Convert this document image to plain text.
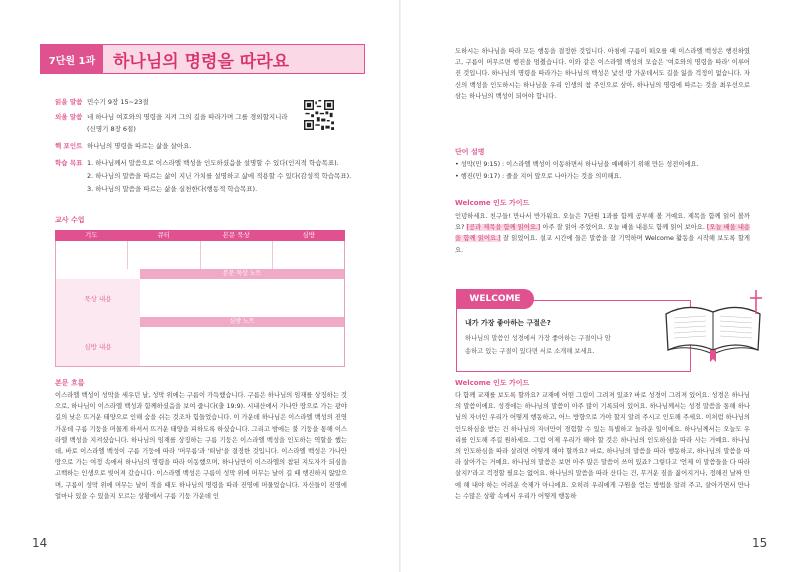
7단원 1과	하나님의 명령을 따라요
읽을 말씀 민수기 9장 15~23절
외울 말씀 네 하나님 여호와의 명령을 지켜 그의 길을 따라가며 그를 경외할지니라
(신명기 8장 6절)
핵 포인트 하나님의 명령을 따르는 삶을 살아요.
학습 목표 1. 하나님께서 말씀으로 이스라엘 백성을 인도하셨음을 설명할 수 있다(인지적 학습목표).
2. 하나님의 말씀을 따르는 삶이 지닌 가치를 설명하고 삶에 적용할 수 있다(감성적 학습목표).
3. 하나님의 말씀을 따르는 삶을 실천한다(행동적 학습목표).
교사 수업
기도	큐티	본문 묵상	심방
본문 묵상 노트
묵상 내용
심방 노트
심방 내용
본문 흐름
이스라엘 백성이 성막을 세우던 날, 성막 위에는 구름이 가득했습니다. 구름은 하나님의 임재를 상징하는 것으로, 하나님이 이스라엘 백성과 함께하셨음을 보여 줍니다(출 19:9). 시내산에서 가나안 땅으로 가는 광야 길의 낮은 뜨거운 태양으로 인해 숨을 쉬는 것조차 힘들었습니다. 이 가운데 하나님은 이스라엘 백성의 진영 가운데 구름 기둥을 머물게 하셔서 뜨거운 태양을 피하도록 하셨습니다. 그리고 밤에는 불 기둥을 통해 이스라엘 백성을 지켜셨습니다. 하나님의 임재를 상징하는 구름 기둥은 이스라엘 백성을 인도하는 역할을 했는데, 바로 이스라엘 백성이 구름 기둥에 따라 '머무름'과 '떠남'을 결정한 것입니다. 이스라엘 백성은 가나안 땅으로 가는 여정 속에서 하나님의 명령을 따라 이동했으며, 하나님만이 이스라엘의 참된 지도자가 되심을 고백하는 인생으로 빚어져 갔습니다. 이스라엘 백성은 구름이 성막 위에 머무는 날이 길 때 행진하지 않았으며, 구름이 성막 위에 머무는 날이 적을 때도 하나님의 명령을 따라 진영에 머물었습니다. 자신들이 진영에 얼마나 있을 수 있을지 모르는 상황에서 구름 기둥 가운데 인
14
도하시는 하나님을 따라 모든 행동을 결정한 것입니다. 아침에 구름이 떠오를 때 이스라엘 백성은 행진하였고, 구름이 머무르면 행진을 멈췄습니다. 이와 같은 이스라엘 백성의 모습은 '여호와의 명령을 따라' 이루어진 것입니다. 하나님의 명령을 따라가는 하나님의 백성은 낯선 땅 가운데서도 길을 잃을 걱정이 없습니다. 자신의 백성을 인도하시는 하나님을 우리 인생의 참 주인으로 삼아, 하나님의 명령에 따르는 것을 최우선으로 삼는 하나님의 백성이 되어야 합니다.
단어 설명
• 성막(민 9:15) : 이스라엘 백성이 이동하면서 하나님을 예배하기 위해 만든 성전이에요.
• 행진(민 9:17) : 줄을 지어 앞으로 나아가는 것을 의미해요.
Welcome 인도 가이드
인녕하세요. 친구들! 만나서 반가워요. 오늘은 7단원 1과를 함께 공부해 볼 거예요. 제목을 함께 읽어 볼까요? [공과 제목을 함께 읽어요.] 아주 잘 읽어 주었어요. 오늘 배울 내용도 함께 읽어 보아요. [오늘 배울 내용을 함께 읽어요.] 잘 읽었어요. 설교 시간에 들은 말씀을 잘 기억하며 Welcome 활동을 시작해 보도록 할게요.
내가 가장 좋아하는 구절은?
하나님의 말씀인 성경에서 가장 좋아하는 구절이나 암송하고 있는 구절이 있다면 서로 소개해 보세요.
WELCOME
Welcome 인도 가이드
다 함께 교재를 보도록 할까요? 교재에 어떤 그림이 그려져 있죠? 바로 성경이 그려져 있어요. 성경은 하나님의 말씀이에요. 성경에는 하나님의 말씀이 아주 많이 기록되어 있어요. 하나님께서는 성경 말씀을 통해 하나님의 자녀인 우리가 어떻게 행동하고, 어느 방향으로 가야 할지 알려 주시고 인도해 주세요. 이처럼 하나님의 인도하심을 받는 건 하나님의 자녀만이 경험할 수 있는 특별하고 놀라운 일이에요. 하나님께서는 오늘도 우리를 인도해 주길 원하세요. 그럼 이제 우리가 해야 할 것은 하나님의 인도하심을 따라 사는 거예요. 하나님의 인도하심을 따라 살려면 어떻게 해야 할까요? 바로, 하나님의 말씀을 따라 행동하고, 하나님의 말씀을 따라 살아가는 거예요. 하나님의 말씀은 보면 아주 많은 말씀이 쓰여 있죠? 그렇다고 '언제 이 말씀들을 다 따라 살지?'라고 걱정할 필요는 없어요. 하나님의 말씀을 따라 산다는 건, 무거운 짐을 짊어지거나, 정해진 날짜 안에 해 내야 하는 어려운 숙제가 아니에요. 오히려 우리에게 구원을 얻는 방법을 알려 주고, 살아가면서 만나는 수많은 상황 속에서 우리가 어떻게 행동하
15
